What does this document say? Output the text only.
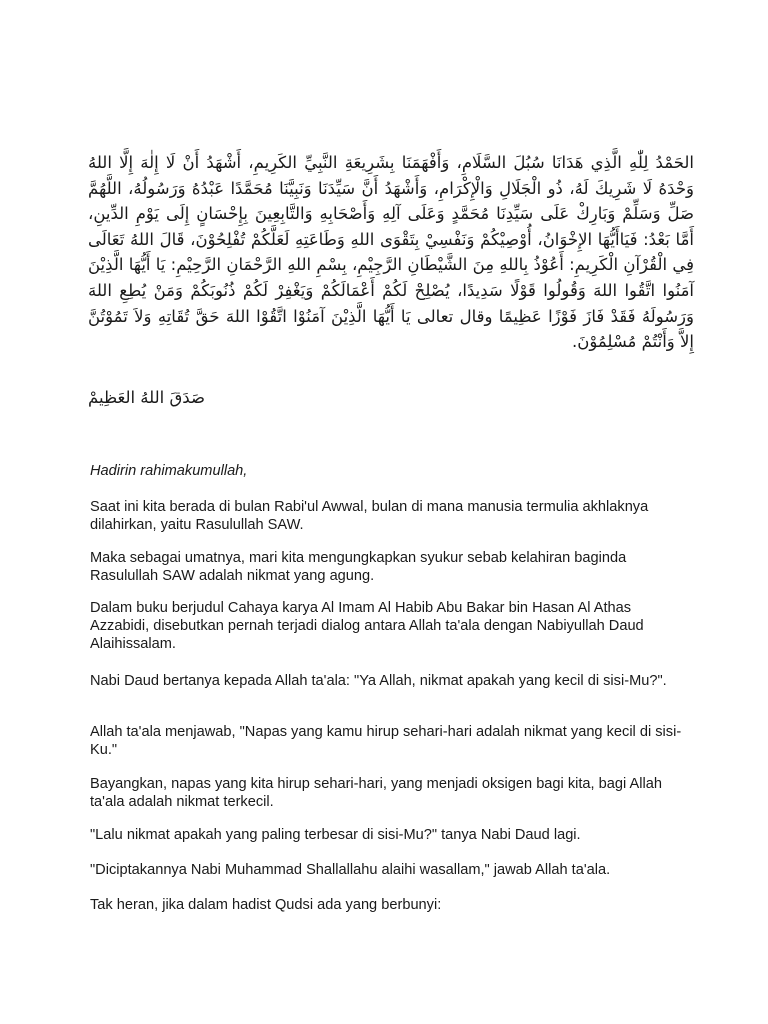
الحَمْدُ لِلّٰهِ الَّذِي هَدَانَا سُبُلَ السَّلَامِ، وَأَفْهَمَنَا بِشَرِيعَةِ النَّبِيِّ الكَرِيمِ، أَشْهَدُ أَنْ لَا إِلٰهَ إِلَّا اللهُ وَحْدَهُ لَا شَرِيكَ لَهُ، ذُو الْجَلَالِ وَالْإِكْرَامِ، وَأَشْهَدُ أَنَّ سَيِّدَنَا وَنَبِيَّنَا مُحَمَّدًا عَبْدُهُ وَرَسُولُهُ، اللَّهُمَّ صَلِّ وَسَلِّمْ وَبَارِكْ عَلَى سَيِّدِنَا مُحَمَّدٍ وَعَلَى آلِهِ وَأَصْحَابِهِ وَالتَّابِعِينَ بِإِحْسَانٍ إِلَى يَوْمِ الدِّينِ، أَمَّا بَعْدُ: فَيَاأَيُّهَا الإِخْوَانُ، أُوْصِيْكُمْ وَنَفْسِيْ بِتَقْوَى اللهِ وَطَاعَتِهِ لَعَلَّكُمْ تُفْلِحُوْنَ، قَالَ اللهُ تَعَالَى فِي الْقُرْآنِ الْكَرِيمِ: أَعُوْذُ بِاللهِ مِنَ الشَّيْطَانِ الرَّجِيْمِ، بِسْمِ اللهِ الرَّحْمَانِ الرَّحِيْمِ: يَا أَيُّهَا الَّذِيْنَ آمَنُوا اتَّقُوا اللهَ وَقُولُوا قَوْلًا سَدِيدًا، يُصْلِحْ لَكُمْ أَعْمَالَكُمْ وَيَغْفِرْ لَكُمْ ذُنُوبَكُمْ وَمَنْ يُطِعِ اللهَ وَرَسُولَهُ فَقَدْ فَازَ فَوْزًا عَظِيمًا وقال تعالى يَا أَيُّهَا الَّذِيْنَ آمَنُوْا اتَّقُوْا اللهَ حَقَّ تُقَاتِهِ وَلاَ تَمُوْتُنَّ إِلاَّ وَأَنْتُمْ مُسْلِمُوْنَ.
صَدَقَ اللهُ العَظِيمْ

Hadirin rahimakumullah,

Saat ini kita berada di bulan Rabi'ul Awwal, bulan di mana manusia termulia akhlaknya dilahirkan, yaitu Rasulullah SAW.

Maka sebagai umatnya, mari kita mengungkapkan syukur sebab kelahiran baginda Rasulullah SAW adalah nikmat yang agung.

Dalam buku berjudul Cahaya karya Al Imam Al Habib Abu Bakar bin Hasan Al Athas Azzabidi, disebutkan pernah terjadi dialog antara Allah ta'ala dengan Nabiyullah Daud Alaihissalam.

Nabi Daud bertanya kepada Allah ta'ala: "Ya Allah, nikmat apakah yang kecil di sisi-Mu?".

Allah ta'ala menjawab, "Napas yang kamu hirup sehari-hari adalah nikmat yang kecil di sisi-Ku."

Bayangkan, napas yang kita hirup sehari-hari, yang menjadi oksigen bagi kita, bagi Allah ta'ala adalah nikmat terkecil.

"Lalu nikmat apakah yang paling terbesar di sisi-Mu?" tanya Nabi Daud lagi.

"Diciptakannya Nabi Muhammad Shallallahu alaihi wasallam," jawab Allah ta'ala.

Tak heran, jika dalam hadist Qudsi ada yang berbunyi:
